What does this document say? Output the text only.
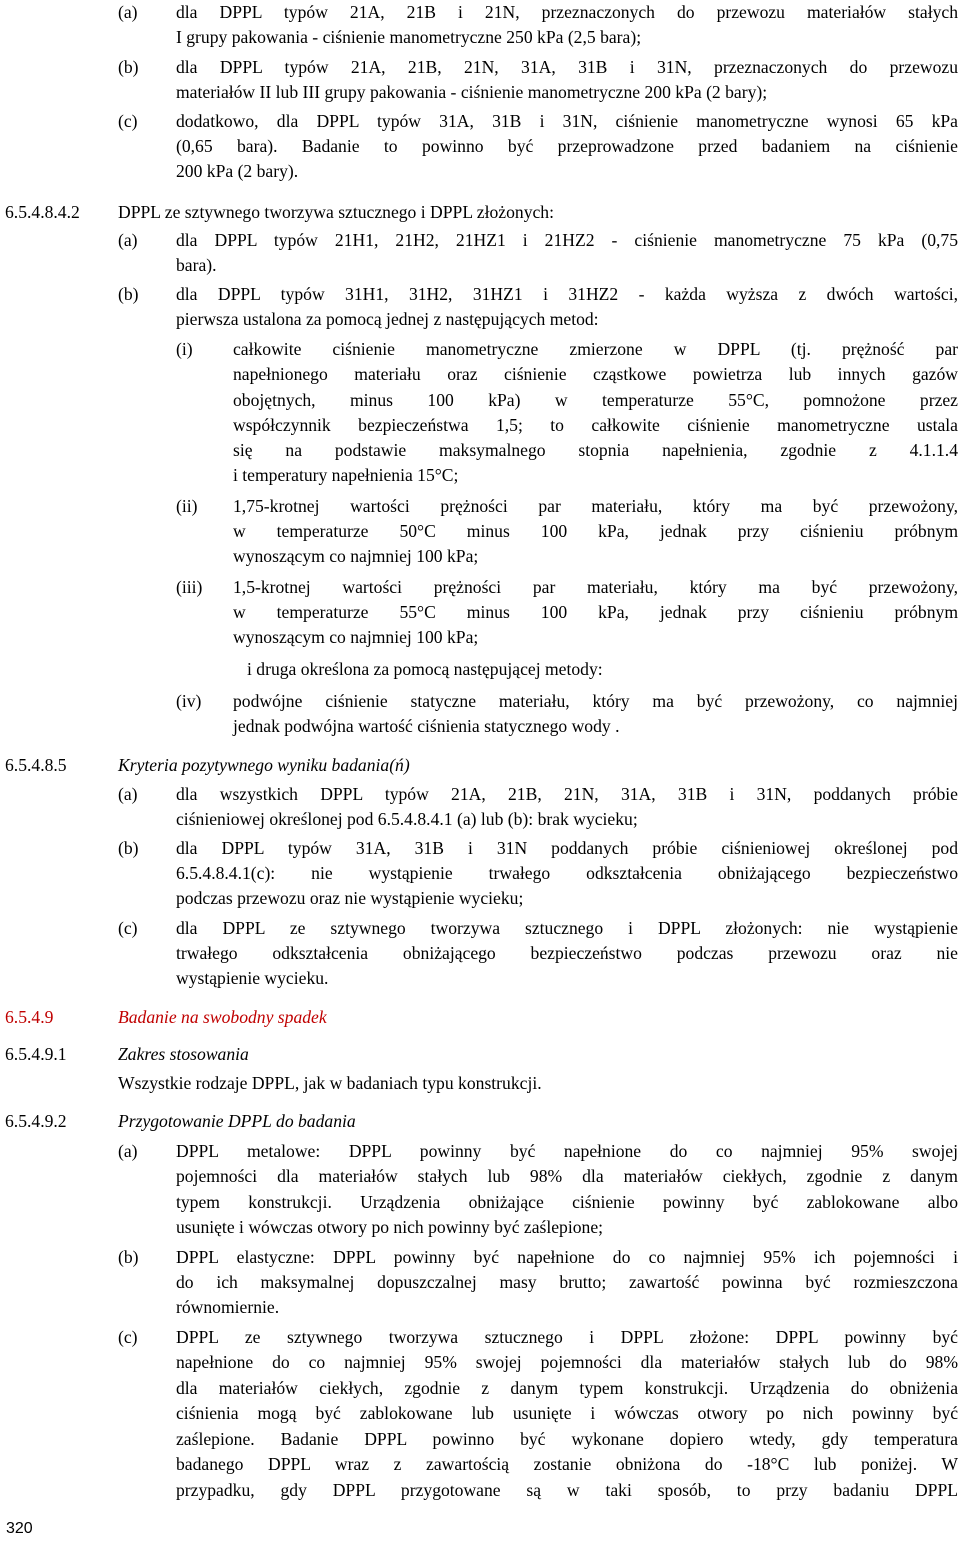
(a) dla DPPL typów 21A, 21B i 21N, przeznaczonych do przewozu materiałów stałych
I grupy pakowania - ciśnienie manometryczne 250 kPa (2,5 bara);
(b) dla DPPL typów 21A, 21B, 21N, 31A, 31B i 31N, przeznaczonych do przewozu
materiałów II lub III grupy pakowania - ciśnienie manometryczne 200 kPa (2 bary);
(c) dodatkowo, dla DPPL typów 31A, 31B i 31N, ciśnienie manometryczne wynosi 65 kPa
(0,65 bara). Badanie to powinno być przeprowadzone przed badaniem na ciśnienie
200 kPa (2 bary).
6.5.4.8.4.2 DPPL ze sztywnego tworzywa sztucznego i DPPL złożonych:
(a) dla DPPL typów 21H1, 21H2, 21HZ1 i 21HZ2 - ciśnienie manometryczne 75 kPa (0,75
bara).
(b) dla DPPL typów 31H1, 31H2, 31HZ1 i 31HZ2 - każda wyższa z dwóch wartości,
pierwsza ustalona za pomocą jednej z następujących metod:
(i) całkowite ciśnienie manometryczne zmierzone w DPPL (tj. prężność par
napełnionego materiału oraz ciśnienie cząstkowe powietrza lub innych gazów
obojętnych, minus 100 kPa) w temperaturze 55°C, pomnożone przez
współczynnik bezpieczeństwa 1,5; to całkowite ciśnienie manometryczne ustala
się na podstawie maksymalnego stopnia napełnienia, zgodnie z 4.1.1.4
i temperatury napełnienia 15°C;
(ii) 1,75-krotnej wartości prężności par materiału, który ma być przewożony,
w temperaturze 50°C minus 100 kPa, jednak przy ciśnieniu próbnym
wynoszącym co najmniej 100 kPa;
(iii) 1,5-krotnej wartości prężności par materiału, który ma być przewożony,
w temperaturze 55°C minus 100 kPa, jednak przy ciśnieniu próbnym
wynoszącym co najmniej 100 kPa;
i druga określona za pomocą następującej metody:
(iv) podwójne ciśnienie statyczne materiału, który ma być przewożony, co najmniej
jednak podwójna wartość ciśnienia statycznego wody .
6.5.4.8.5	Kryteria pozytywnego wyniku badania(ń)
(a) dla wszystkich DPPL typów 21A, 21B, 21N, 31A, 31B i 31N, poddanych próbie
ciśnieniowej określonej pod 6.5.4.8.4.1 (a) lub (b): brak wycieku;
(b) dla DPPL typów 31A, 31B i 31N poddanych próbie ciśnieniowej określonej pod
6.5.4.8.4.1(c): nie wystąpienie trwałego odkształcenia obniżającego bezpieczeństwo
podczas przewozu oraz nie wystąpienie wycieku;
(c) dla DPPL ze sztywnego tworzywa sztucznego i DPPL złożonych: nie wystąpienie
trwałego odkształcenia obniżającego bezpieczeństwo podczas przewozu oraz nie
wystąpienie wycieku.
6.5.4.9	Badanie na swobodny spadek
6.5.4.9.1	Zakres stosowania
Wszystkie rodzaje DPPL, jak w badaniach typu konstrukcji.
6.5.4.9.2	Przygotowanie DPPL do badania
(a) DPPL metalowe: DPPL powinny być napełnione do co najmniej 95% swojej
pojemności dla materiałów stałych lub 98% dla materiałów ciekłych, zgodnie z danym
typem konstrukcji. Urządzenia obniżające ciśnienie powinny być zablokowane albo
usunięte i wówczas otwory po nich powinny być zaślepione;
(b) DPPL elastyczne: DPPL powinny być napełnione do co najmniej 95% ich pojemności i
do ich maksymalnej dopuszczalnej masy brutto; zawartość powinna być rozmieszczona
równomiernie.
(c) DPPL ze sztywnego tworzywa sztucznego i DPPL złożone: DPPL powinny być
napełnione do co najmniej 95% swojej pojemności dla materiałów stałych lub do 98%
dla materiałów ciekłych, zgodnie z danym typem konstrukcji. Urządzenia do obniżenia
ciśnienia mogą być zablokowane lub usunięte i wówczas otwory po nich powinny być
zaślepione. Badanie DPPL powinno być wykonane dopiero wtedy, gdy temperatura
badanego DPPL wraz z zawartością zostanie obniżona do -18°C lub poniżej. W
przypadku, gdy DPPL przygotowane są w taki sposób, to przy badaniu DPPL
320
